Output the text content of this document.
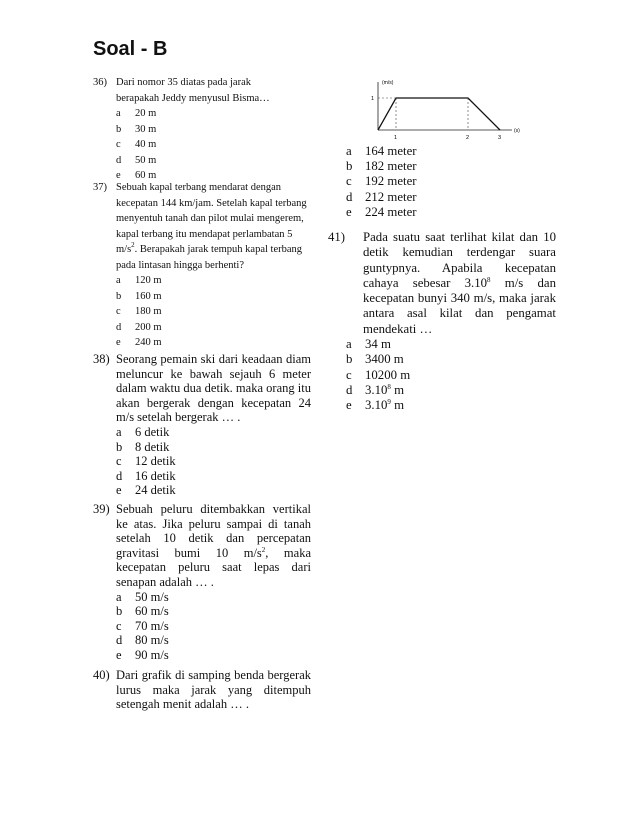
Soal - B
36) Dari nomor 35 diatas pada jarak berapakah Jeddy menyusul Bisma…
a 20 m
b 30 m
c 40 m
d 50 m
e 60 m
37) Sebuah kapal terbang mendarat dengan kecepatan 144 km/jam. Setelah kapal terbang menyentuh tanah dan pilot mulai mengerem, kapal terbang itu mendapat perlambatan 5 $m/s^2$. Berapakah jarak tempuh kapal terbang pada lintasan hingga berhenti?
a 120 m
b 160 m
c 180 m
d 200 m
e 240 m
38) Seorang pemain ski dari keadaan diam meluncur ke bawah sejauh 6 meter dalam waktu dua detik. maka orang itu akan bergerak dengan kecepatan 24 m/s setelah bergerak … .
a 6 detik
b 8 detik
c 12 detik
d 16 detik
e 24 detik
39) Sebuah peluru ditembakkan vertikal ke atas. Jika peluru sampai di tanah setelah 10 detik dan percepatan gravitasi bumi 10 $m/s^2$, maka kecepatan peluru saat lepas dari senapan adalah … .
a 50 m/s
b 60 m/s
c 70 m/s
d 80 m/s
e 90 m/s
40) Dari grafik di samping benda bergerak lurus maka jarak yang ditempuh setengah menit adalah … .
(m/s)
(s)
1
1	2	3
a 164 meter
b 182 meter
c 192 meter
d 212 meter
e 224 meter
41) Pada suatu saat terlihat kilat dan 10 detik kemudian terdengar suara guntурnya. Apabila kecepatan cahaya sebesar 3.10$^8$ m/s dan kecepatan bunyi 340 m/s, maka jarak antara asal kilat dan pengamat mendekati …
a 34 m
b 3400 m
c 10200 m
d 3.10$^8$ m
e 3.10$^9$ m
